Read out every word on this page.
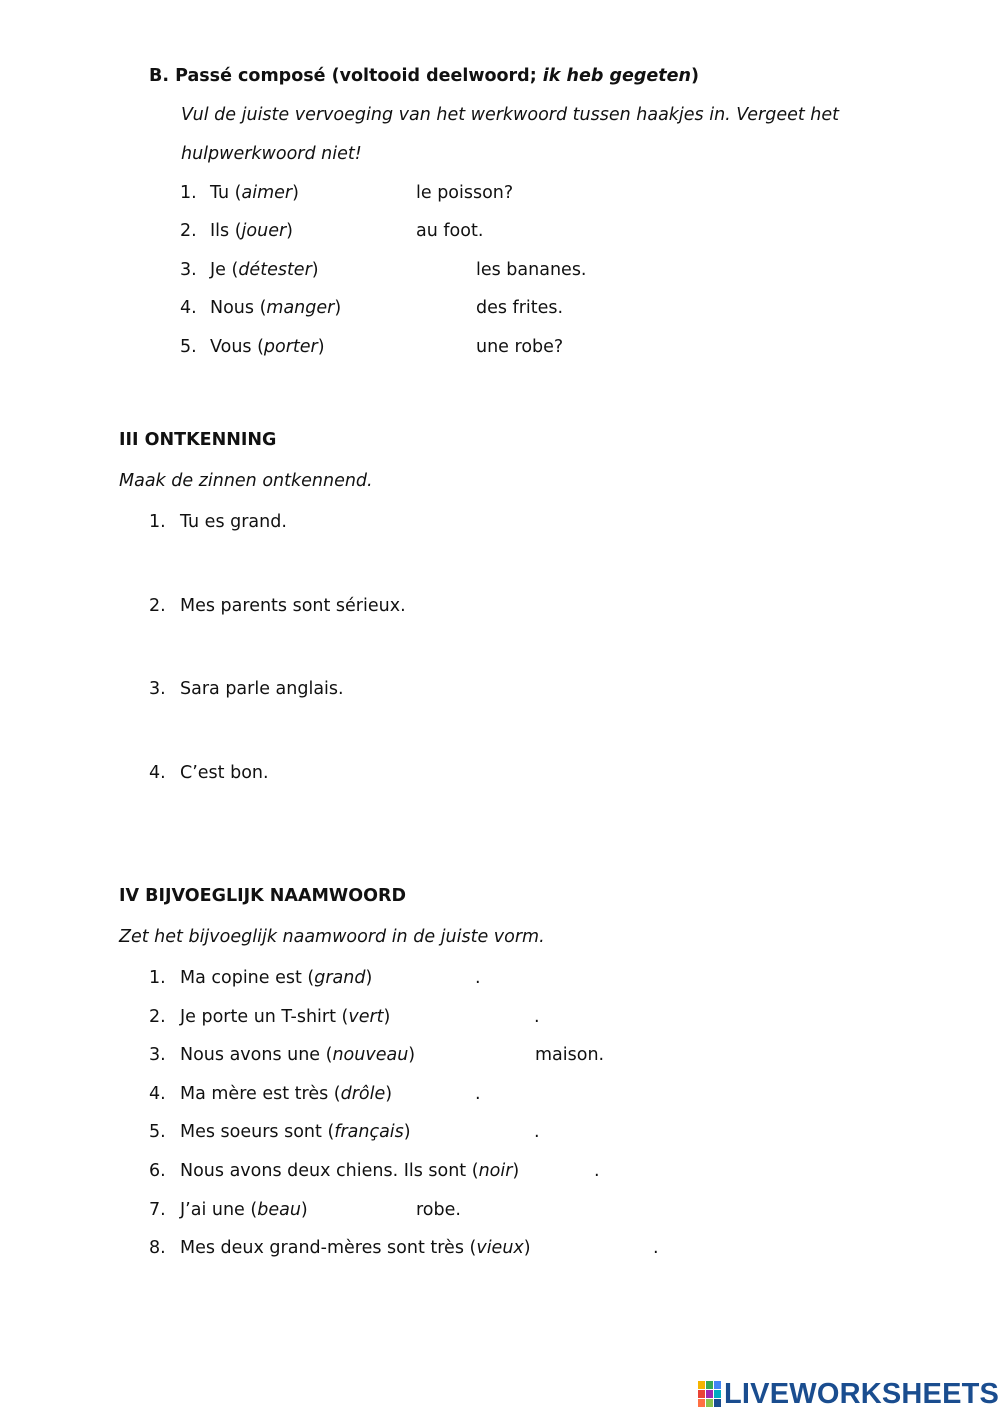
B. Passé composé (voltooid deelwoord; ik heb gegeten)
Vul de juiste vervoeging van het werkwoord tussen haakjes in. Vergeet het
hulpwerkwoord niet!
1. Tu (aimer)	le poisson?
2. Ils (jouer)	au foot.
3. Je (détester)	les bananes.
4. Nous (manger)	des frites.
5. Vous (porter)	une robe?
III ONTKENNING
Maak de zinnen ontkennend.
1. Tu es grand.
2. Mes parents sont sérieux.
3. Sara parle anglais.
4. C’est bon.
IV BIJVOEGLIJK NAAMWOORD
Zet het bijvoeglijk naamwoord in de juiste vorm.
1. Ma copine est (grand)	.
2. Je porte un T-shirt (vert)	.
3. Nous avons une (nouveau)	maison.
4. Ma mère est très (drôle)	.
5. Mes soeurs sont (français)	.
6. Nous avons deux chiens. Ils sont (noir)	.
7. J’ai une (beau)	robe.
8. Mes deux grand-mères sont très (vieux)	.
LIVEWORKSHEETS
